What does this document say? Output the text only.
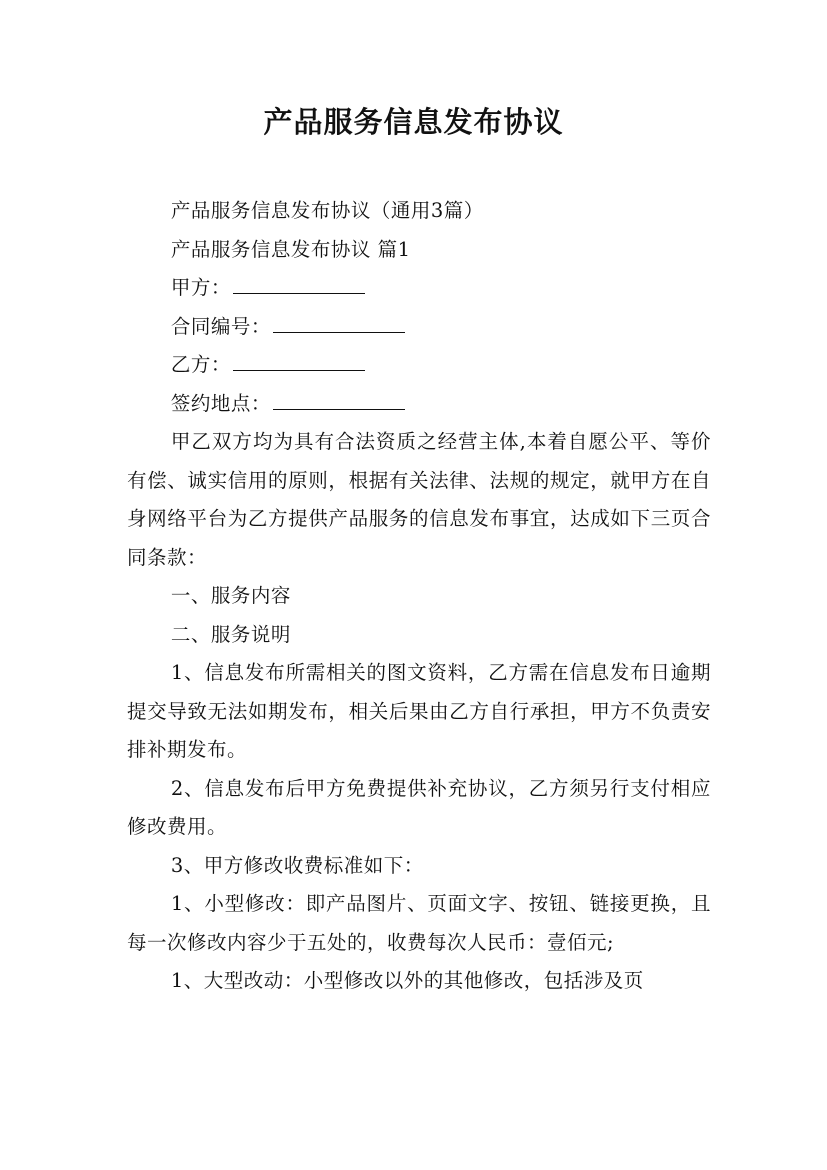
产品服务信息发布协议

产品服务信息发布协议（通用3篇）

产品服务信息发布协议 篇1

甲方：

合同编号：

乙方：

签约地点：

甲乙双方均为具有合法资质之经营主体,本着自愿公平、等价有偿、诚实信用的原则，根据有关法律、法规的规定，就甲方在自身网络平台为乙方提供产品服务的信息发布事宜，达成如下三页合同条款：

一、服务内容

二、服务说明

1、信息发布所需相关的图文资料，乙方需在信息发布日逾期提交导致无法如期发布，相关后果由乙方自行承担，甲方不负责安排补期发布。

2、信息发布后甲方免费提供补充协议，乙方须另行支付相应修改费用。

3、甲方修改收费标准如下：

1、小型修改：即产品图片、页面文字、按钮、链接更换，且每一次修改内容少于五处的，收费每次人民币：壹佰元;

1、大型改动：小型修改以外的其他修改，包括涉及页
